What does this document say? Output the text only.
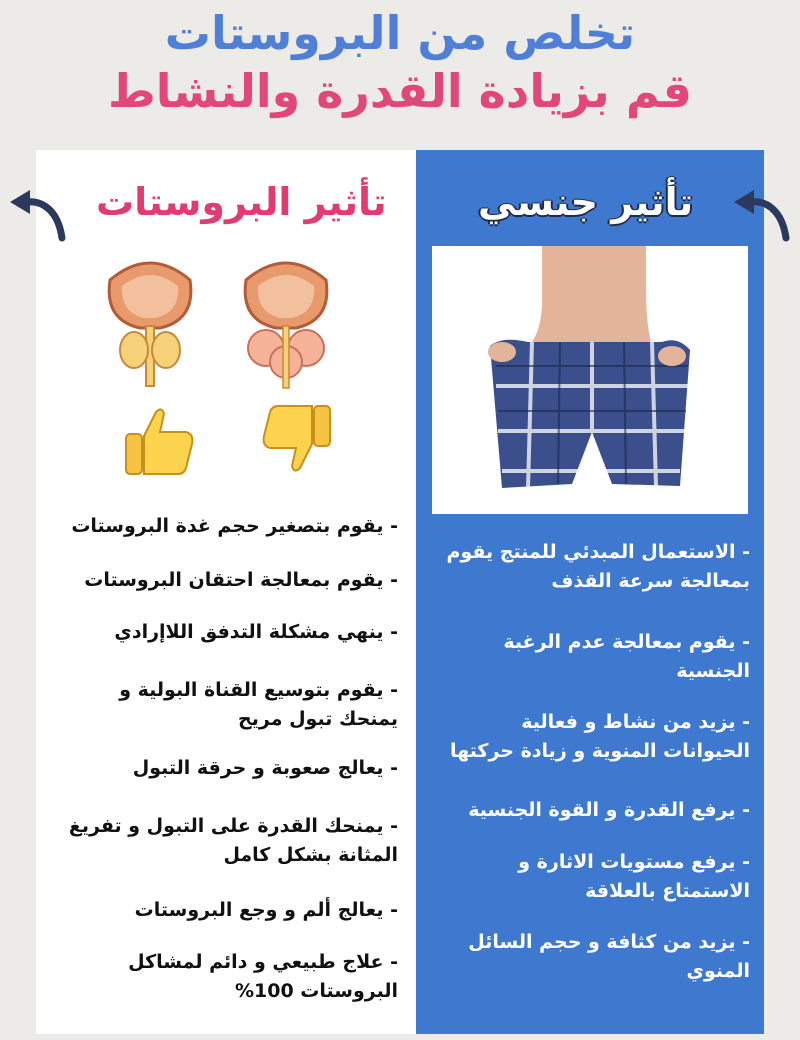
تخلص من البروستات
قم بزيادة القدرة والنشاط
تأثير البروستات تأثير جنسي
- يقوم بتصغير حجم غدة البروستات
- يقوم بمعالجة احتقان البروستات
- ينهي مشكلة التدفق اللاإرادي
- يقوم بتوسيع القناة البولية و يمنحك تبول مريح
- يعالج صعوبة و حرقة التبول
- يمنحك القدرة على التبول و تفريغ المثانة بشكل كامل
- يعالج ألم و وجع البروستات
- علاج طبيعي و دائم لمشاكل البروستات 100%
- الاستعمال المبدئي للمنتج يقوم بمعالجة سرعة القذف
- يقوم بمعالجة عدم الرغبة الجنسية
- يزيد من نشاط و فعالية الحيوانات المنوية و زيادة حركتها
- يرفع القدرة و القوة الجنسية
- يرفع مستويات الاثارة و الاستمتاع بالعلاقة
- يزيد من كثافة و حجم السائل المنوي
